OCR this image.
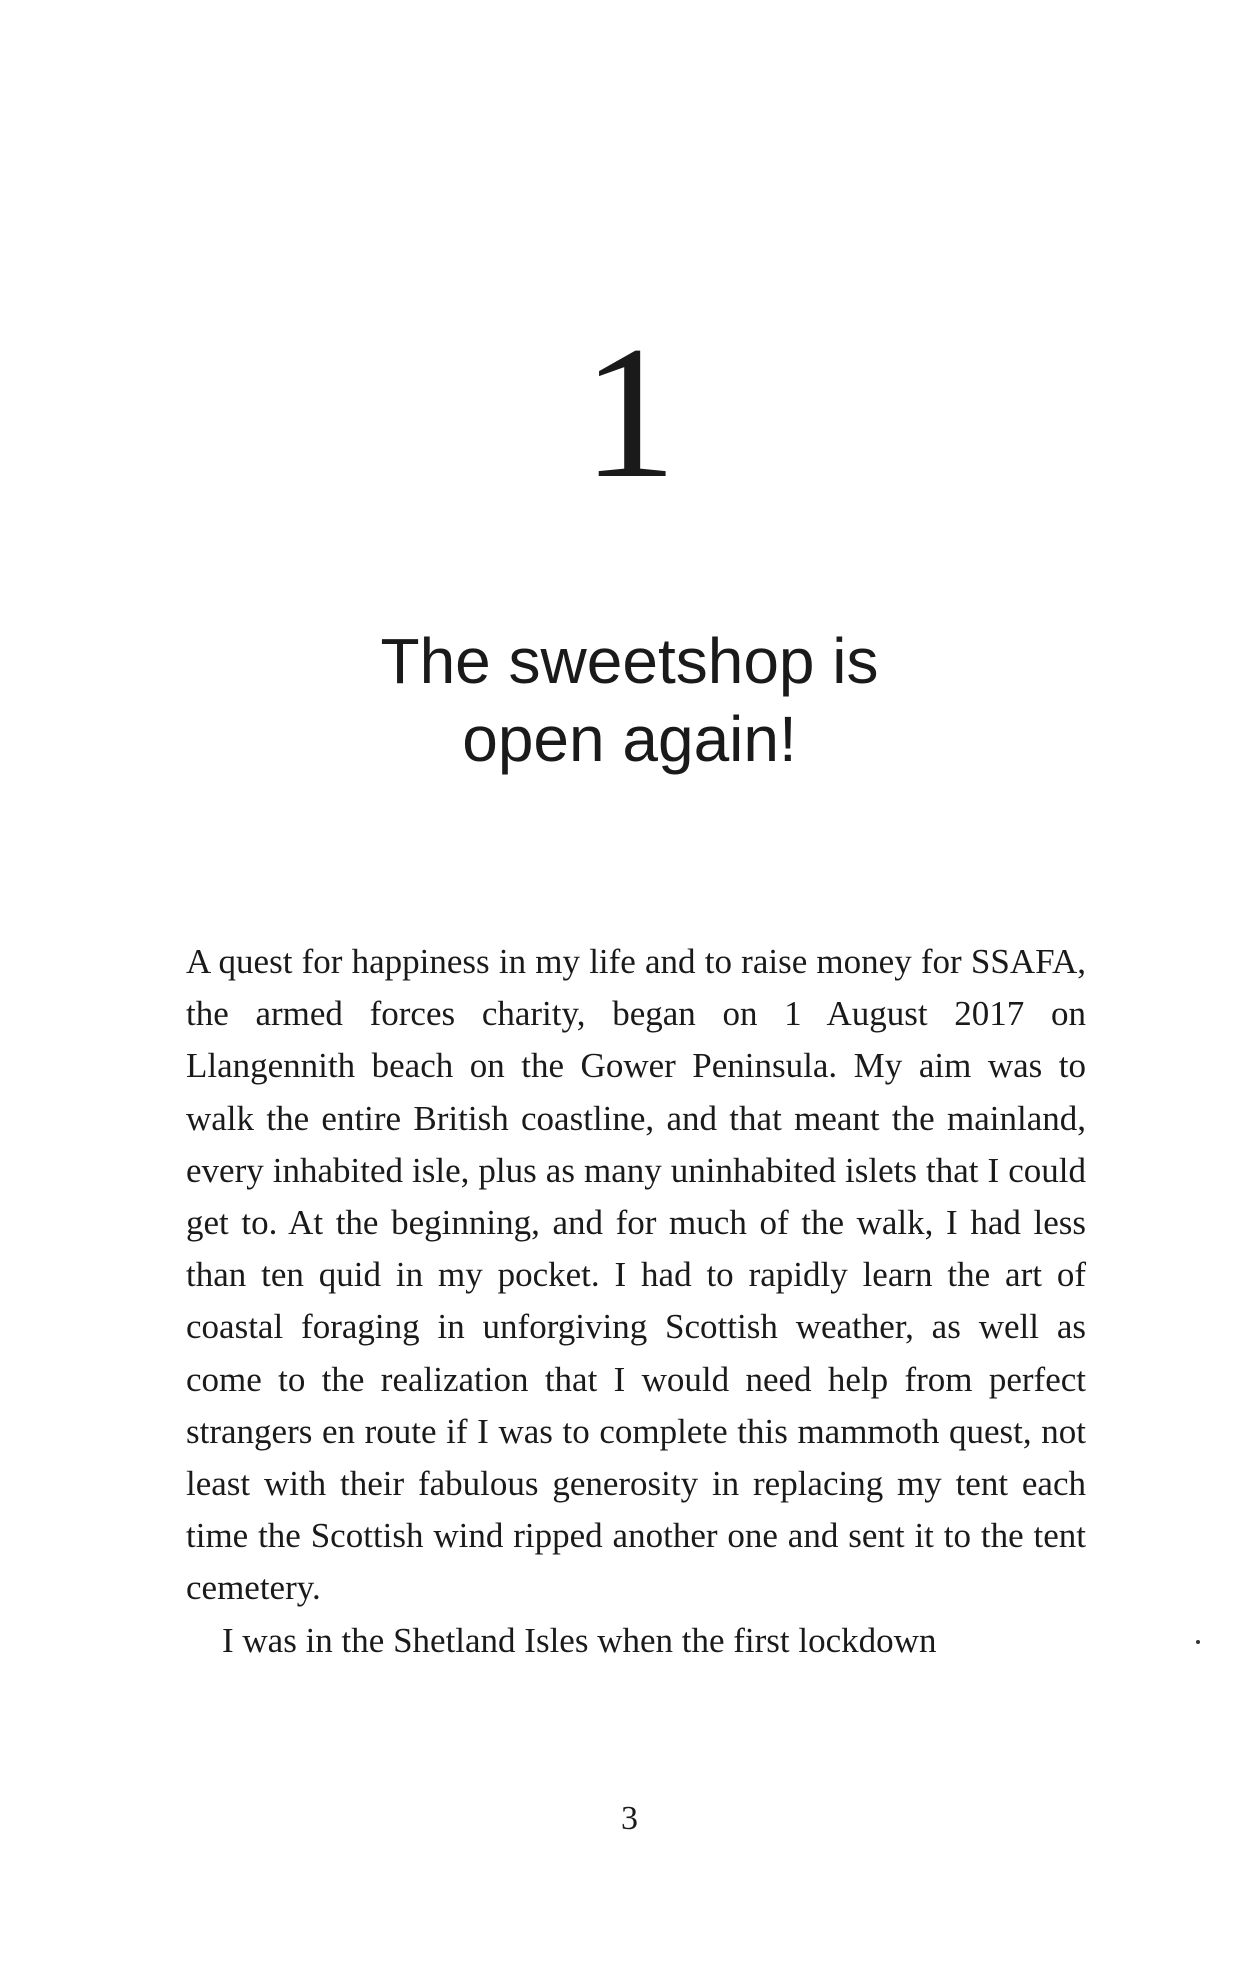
1
The sweetshop is
open again!

A quest for happiness in my life and to raise money for SSAFA, the armed forces charity, began on 1 August 2017 on Llangennith beach on the Gower Peninsula. My aim was to walk the entire British coastline, and that meant the mainland, every inhabited isle, plus as many uninhabited islets that I could get to. At the beginning, and for much of the walk, I had less than ten quid in my pocket. I had to rapidly learn the art of coastal foraging in unforgiving Scottish weather, as well as come to the realization that I would need help from perfect strangers en route if I was to complete this mammoth quest, not least with their fabulous generosity in replacing my tent each time the Scottish wind ripped another one and sent it to the tent cemetery.

I was in the Shetland Isles when the first lockdown

3
